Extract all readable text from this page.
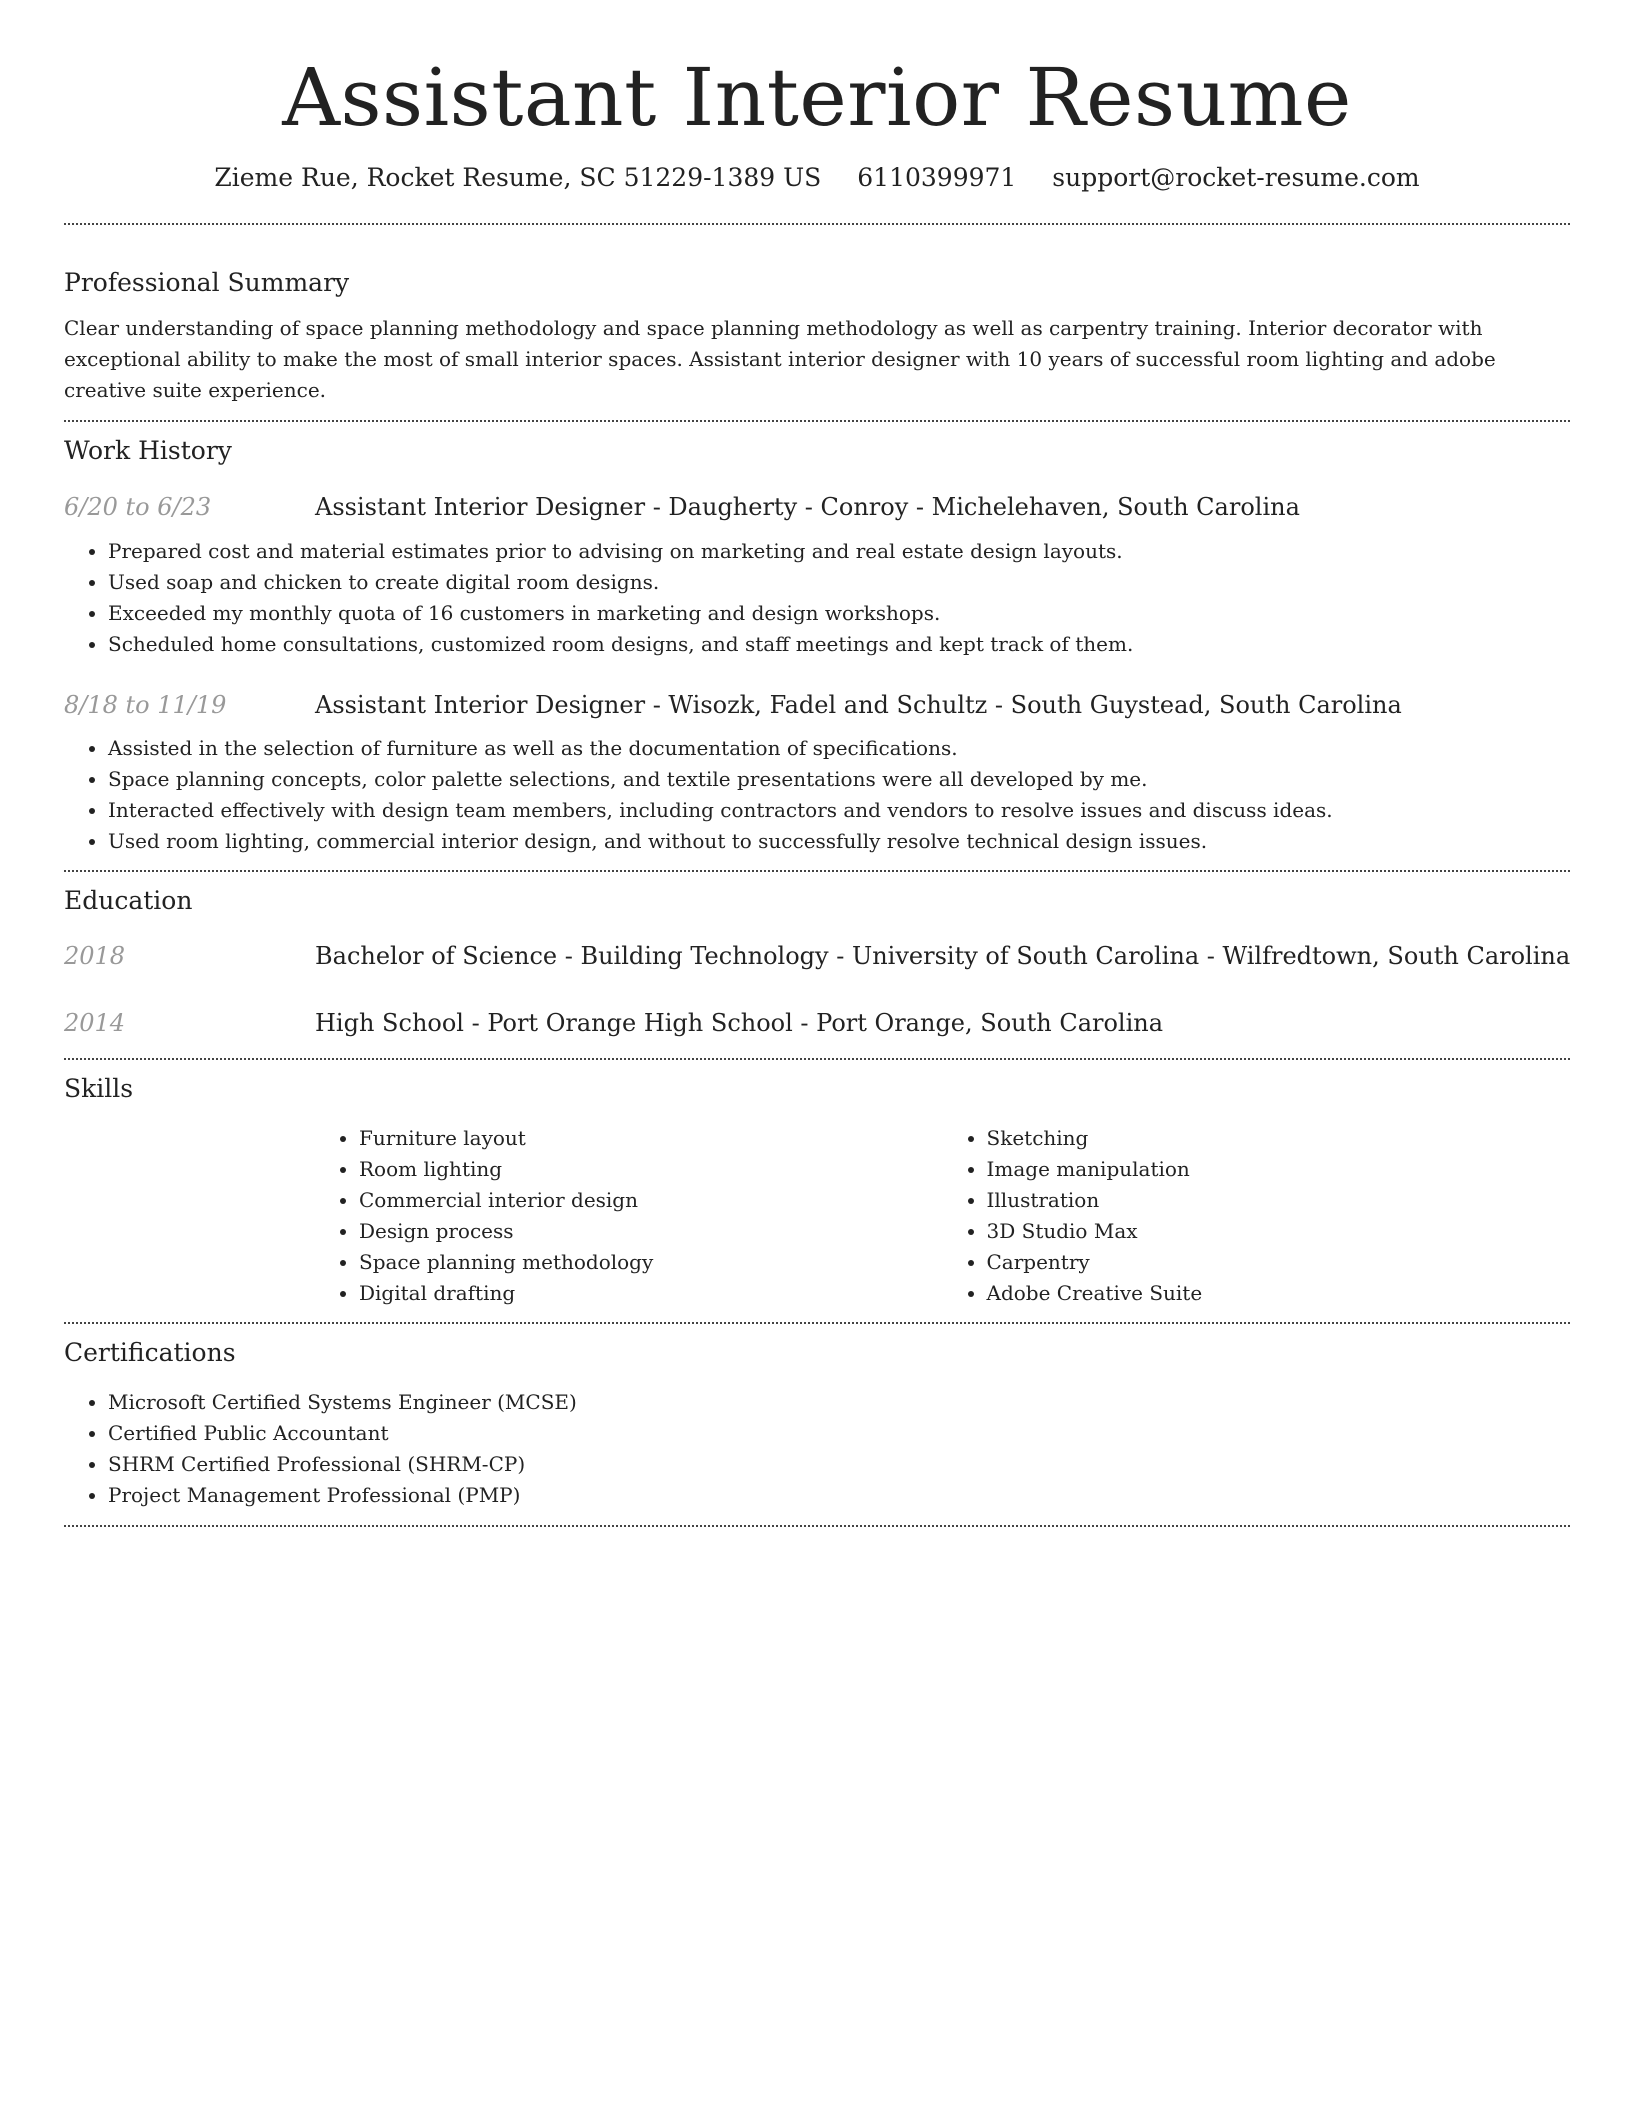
Assistant Interior Resume
Zieme Rue, Rocket Resume, SC 51229-1389 US 6110399971 support@rocket-resume.com
Professional Summary

Clear understanding of space planning methodology and space planning methodology as well as carpentry training. Interior decorator with exceptional ability to make the most of small interior spaces. Assistant interior designer with 10 years of successful room lighting and adobe creative suite experience.

Work History
6/20 to 6/23	Assistant Interior Designer - Daugherty - Conroy - Michelehaven, South Carolina
• Prepared cost and material estimates prior to advising on marketing and real estate design layouts.
• Used soap and chicken to create digital room designs.
• Exceeded my monthly quota of 16 customers in marketing and design workshops.
• Scheduled home consultations, customized room designs, and staff meetings and kept track of them.
8/18 to 11/19	Assistant Interior Designer - Wisozk, Fadel and Schultz - South Guystead, South Carolina
• Assisted in the selection of furniture as well as the documentation of specifications.
• Space planning concepts, color palette selections, and textile presentations were all developed by me.
• Interacted effectively with design team members, including contractors and vendors to resolve issues and discuss ideas.
• Used room lighting, commercial interior design, and without to successfully resolve technical design issues.
Education
2018	Bachelor of Science - Building Technology - University of South Carolina - Wilfredtown, South Carolina
2014	High School - Port Orange High School - Port Orange, South Carolina
Skills
• Furniture layout
• Room lighting
• Commercial interior design
• Design process
• Space planning methodology
• Digital drafting
• Sketching
• Image manipulation
• Illustration
• 3D Studio Max
• Carpentry
• Adobe Creative Suite
Certifications
• Microsoft Certified Systems Engineer (MCSE)
• Certified Public Accountant
• SHRM Certified Professional (SHRM-CP)
• Project Management Professional (PMP)
